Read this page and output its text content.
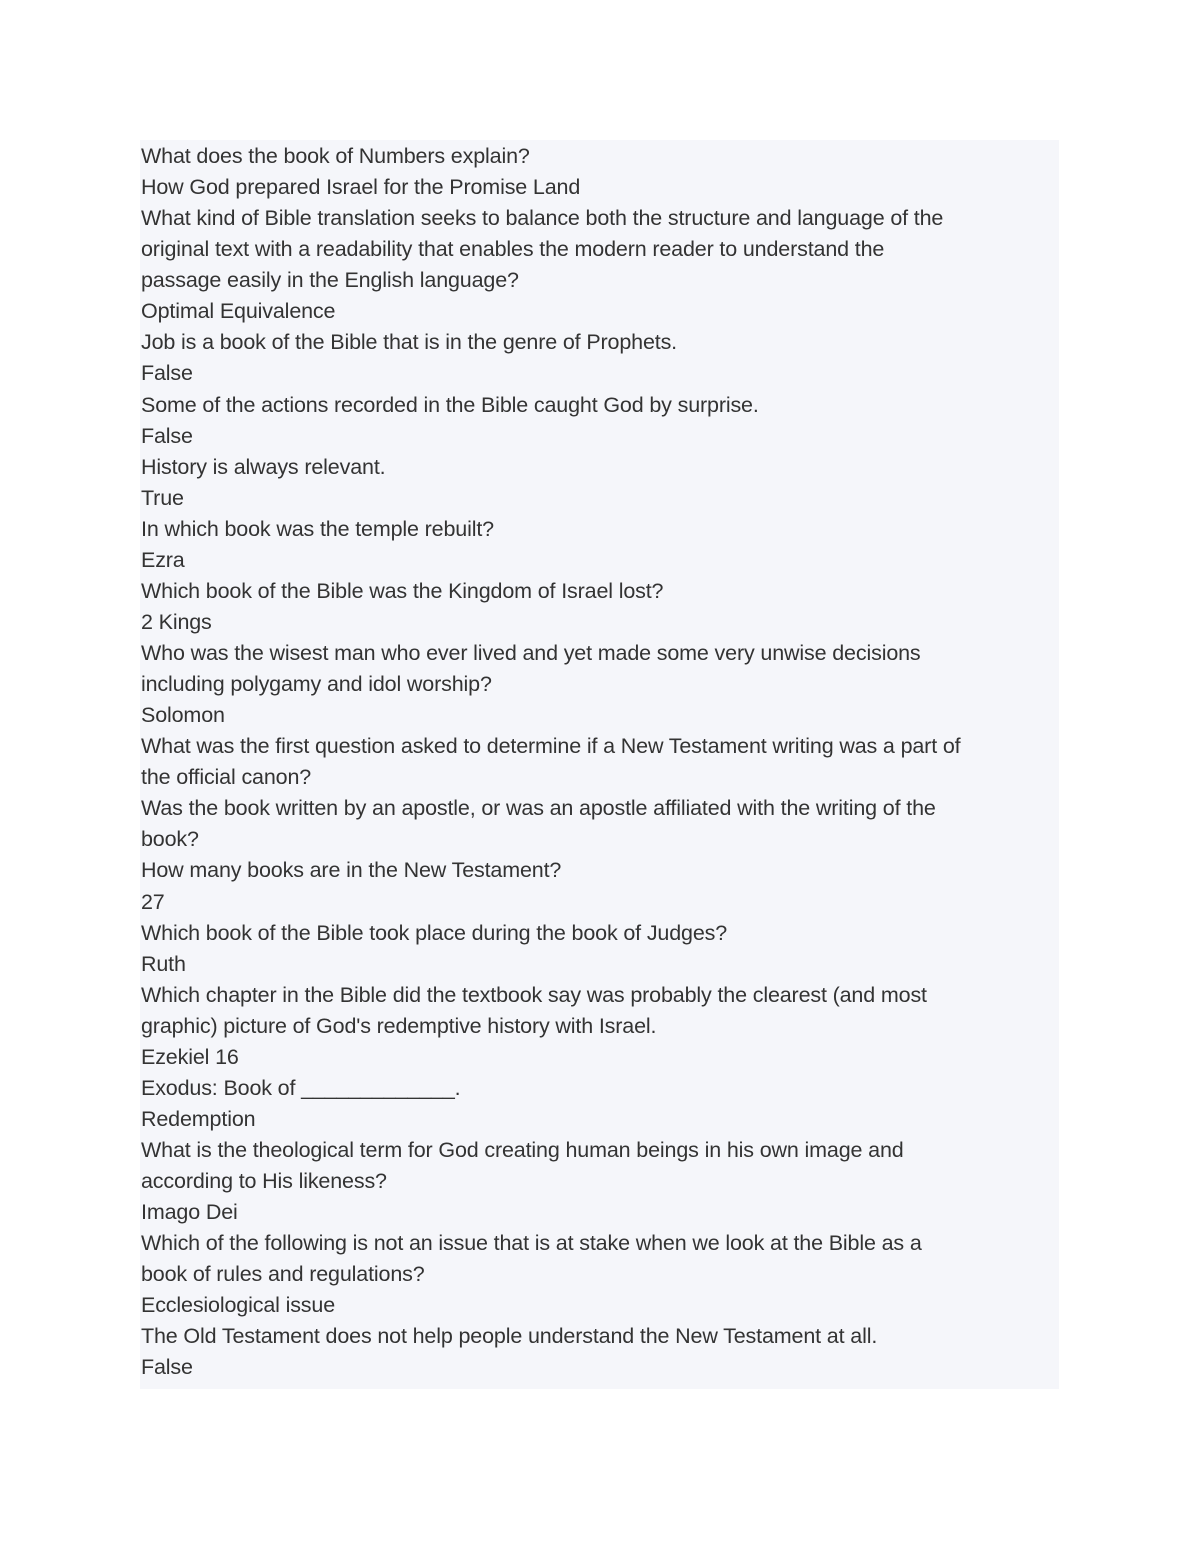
What does the book of Numbers explain?

How God prepared Israel for the Promise Land

What kind of Bible translation seeks to balance both the structure and language of the

original text with a readability that enables the modern reader to understand the

passage easily in the English language?

Optimal Equivalence

Job is a book of the Bible that is in the genre of Prophets.

False

Some of the actions recorded in the Bible caught God by surprise.

False

History is always relevant.

True

In which book was the temple rebuilt?

Ezra

Which book of the Bible was the Kingdom of Israel lost?

2 Kings

Who was the wisest man who ever lived and yet made some very unwise decisions

including polygamy and idol worship?

Solomon

What was the first question asked to determine if a New Testament writing was a part of

the official canon?

Was the book written by an apostle, or was an apostle affiliated with the writing of the

book?

How many books are in the New Testament?

27

Which book of the Bible took place during the book of Judges?

Ruth

Which chapter in the Bible did the textbook say was probably the clearest (and most

graphic) picture of God's redemptive history with Israel.

Ezekiel 16

Exodus: Book of _____________.

Redemption

What is the theological term for God creating human beings in his own image and

according to His likeness?

Imago Dei

Which of the following is not an issue that is at stake when we look at the Bible as a

book of rules and regulations?

Ecclesiological issue

The Old Testament does not help people understand the New Testament at all.

False
